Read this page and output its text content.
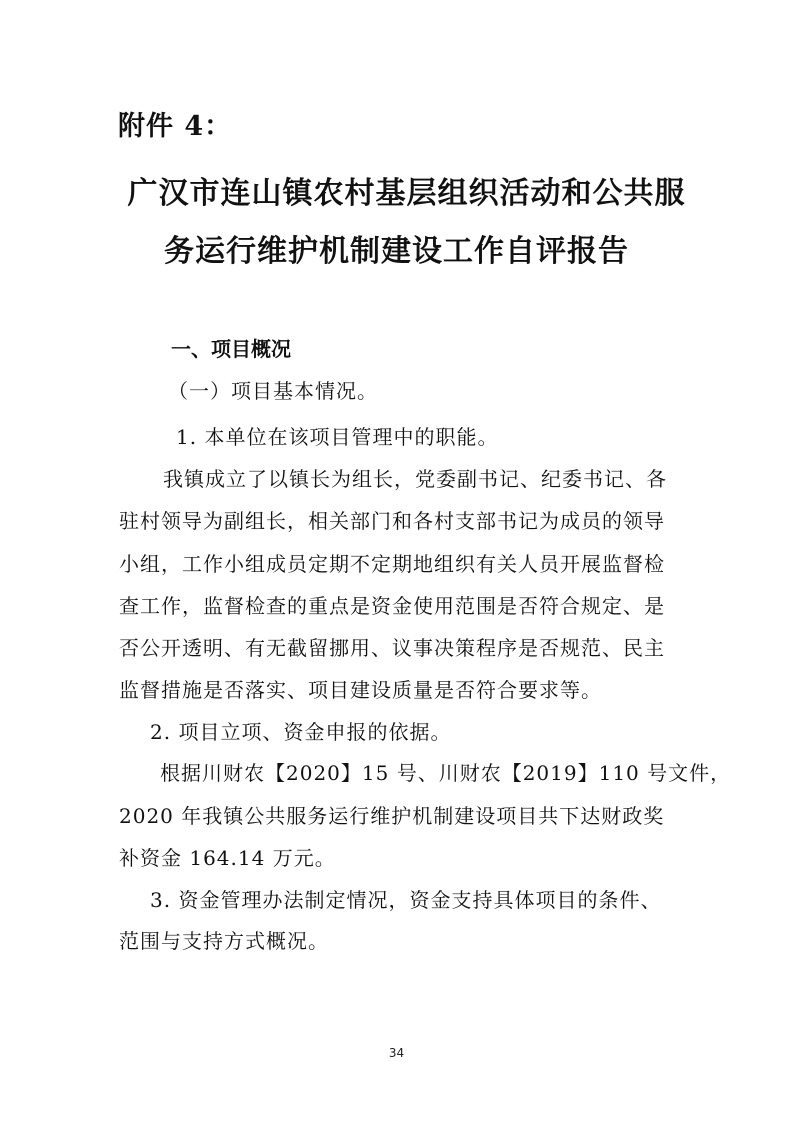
附件 4：
广汉市连山镇农村基层组织活动和公共服
务运行维护机制建设工作自评报告
一、项目概况
（一）项目基本情况。
1. 本单位在该项目管理中的职能。
我镇成立了以镇长为组长，党委副书记、纪委书记、各
驻村领导为副组长，相关部门和各村支部书记为成员的领导
小组，工作小组成员定期不定期地组织有关人员开展监督检
查工作，监督检查的重点是资金使用范围是否符合规定、是
否公开透明、有无截留挪用、议事决策程序是否规范、民主
监督措施是否落实、项目建设质量是否符合要求等。
2. 项目立项、资金申报的依据。
根据川财农【2020】15 号、川财农【2019】110 号文件，
2020 年我镇公共服务运行维护机制建设项目共下达财政奖
补资金 164.14 万元。
3. 资金管理办法制定情况，资金支持具体项目的条件、
范围与支持方式概况。
34
